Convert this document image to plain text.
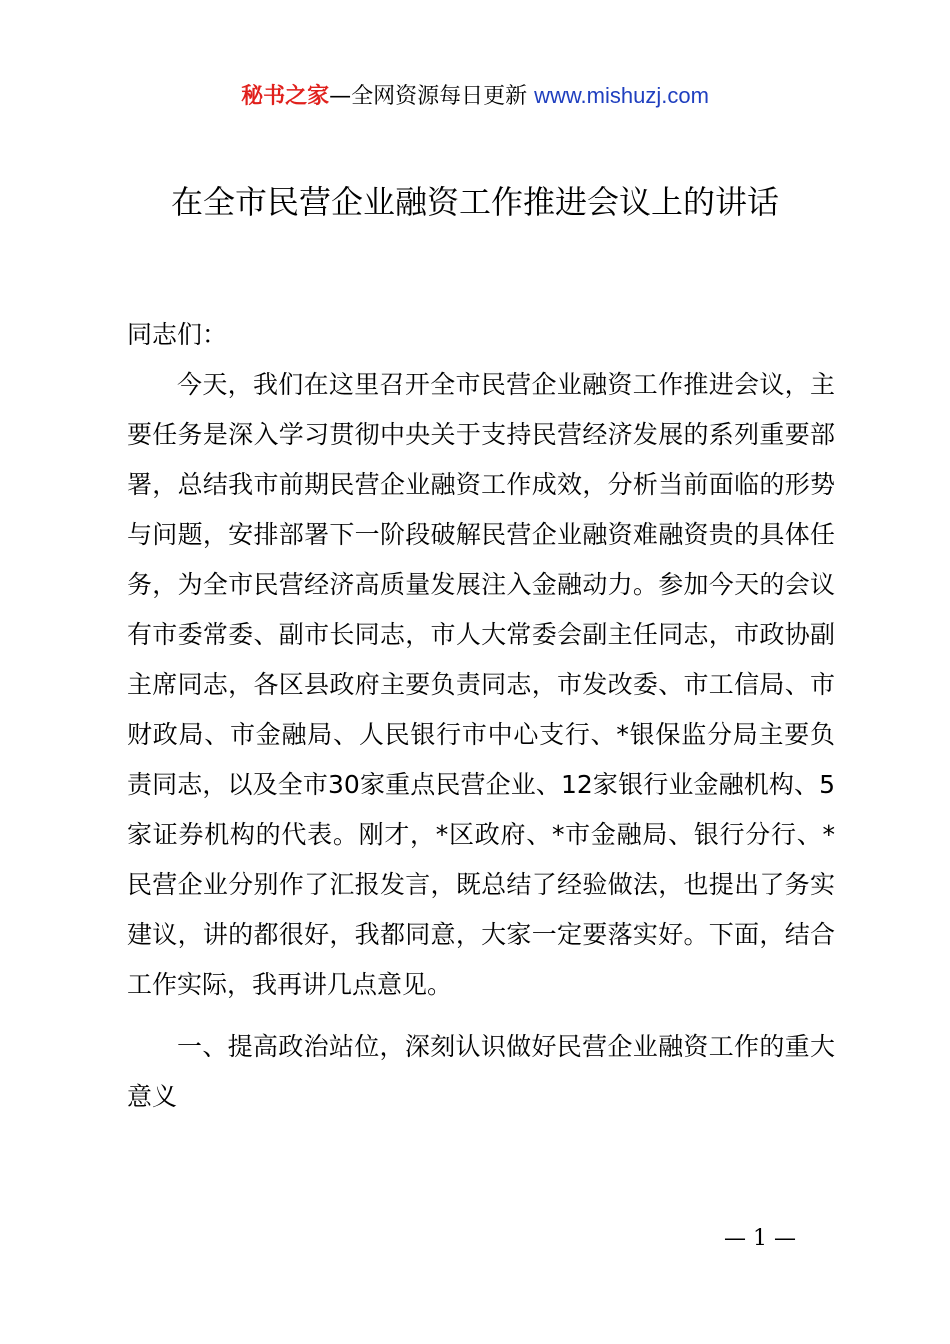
秘书之家—全网资源每日更新 www.mishuzj.com
在全市民营企业融资工作推进会议上的讲话

同志们：

今天，我们在这里召开全市民营企业融资工作推进会议，主要任务是深入学习贯彻中央关于支持民营经济发展的系列重要部署，总结我市前期民营企业融资工作成效，分析当前面临的形势与问题，安排部署下一阶段破解民营企业融资难融资贵的具体任务，为全市民营经济高质量发展注入金融动力。参加今天的会议有市委常委、副市长同志，市人大常委会副主任同志，市政协副主席同志，各区县政府主要负责同志，市发改委、市工信局、市财政局、市金融局、人民银行市中心支行、*银保监分局主要负责同志，以及全市30家重点民营企业、12家银行业金融机构、5家证券机构的代表。刚才，*区政府、*市金融局、银行分行、*民营企业分别作了汇报发言，既总结了经验做法，也提出了务实建议，讲的都很好，我都同意，大家一定要落实好。下面，结合工作实际，我再讲几点意见。

一、提高政治站位，深刻认识做好民营企业融资工作的重大意义

— 1 —
